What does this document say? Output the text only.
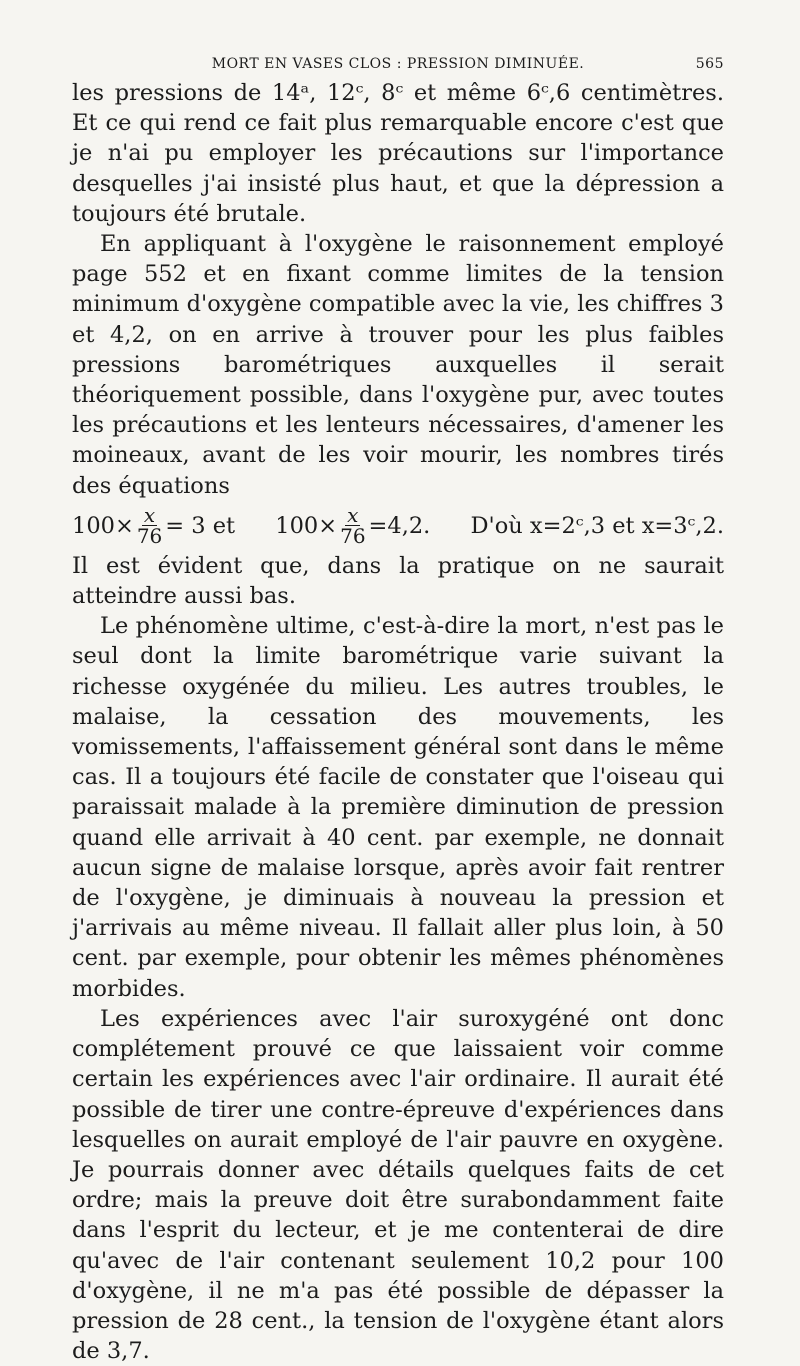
MORT EN VASES CLOS : PRESSION DIMINUÉE.	565

les pressions de 14ᵃ, 12ᶜ, 8ᶜ et même 6ᶜ,6 centimètres. Et ce qui rend ce fait plus remarquable encore c'est que je n'ai pu employer les précautions sur l'importance desquelles j'ai insisté plus haut, et que la dépression a toujours été brutale.

En appliquant à l'oxygène le raisonnement employé page 552 et en fixant comme limites de la tension minimum d'oxygène compatible avec la vie, les chiffres 3 et 4,2, on en arrive à trouver pour les plus faibles pressions barométriques auxquelles il serait théoriquement possible, dans l'oxygène pur, avec toutes les précautions et les lenteurs nécessaires, d'amener les moineaux, avant de les voir mourir, les nombres tirés des équations

$100\times \frac{x}{76} = 3$ et $100\times \frac{x}{76} =4,2$. D'où x=2ᶜ,3 et x=3ᶜ,2.

Il est évident que, dans la pratique on ne saurait atteindre aussi bas.

Le phénomène ultime, c'est-à-dire la mort, n'est pas le seul dont la limite barométrique varie suivant la richesse oxygénée du milieu. Les autres troubles, le malaise, la cessation des mouvements, les vomissements, l'affaissement général sont dans le même cas. Il a toujours été facile de constater que l'oiseau qui paraissait malade à la première diminution de pression quand elle arrivait à 40 cent. par exemple, ne donnait aucun signe de malaise lorsque, après avoir fait rentrer de l'oxygène, je diminuais à nouveau la pression et j'arrivais au même niveau. Il fallait aller plus loin, à 50 cent. par exemple, pour obtenir les mêmes phénomènes morbides.

Les expériences avec l'air suroxygéné ont donc complétement prouvé ce que laissaient voir comme certain les expériences avec l'air ordinaire. Il aurait été possible de tirer une contre-épreuve d'expériences dans lesquelles on aurait employé de l'air pauvre en oxygène. Je pourrais donner avec détails quelques faits de cet ordre; mais la preuve doit être surabondamment faite dans l'esprit du lecteur, et je me contenterai de dire qu'avec de l'air contenant seulement 10,2 pour 100 d'oxygène, il ne m'a pas été possible de dépasser la pression de 28 cent., la tension de l'oxygène étant alors de 3,7.
